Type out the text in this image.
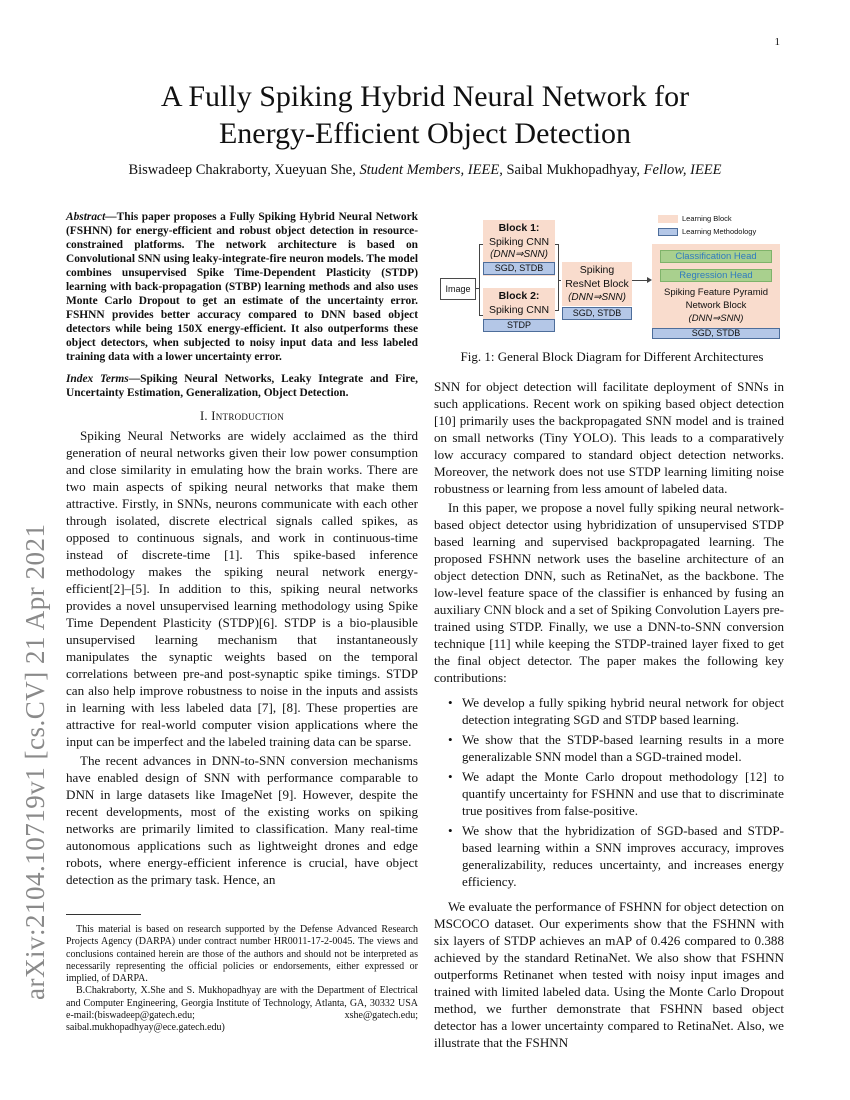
1
arXiv:2104.10719v1 [cs.CV] 21 Apr 2021
A Fully Spiking Hybrid Neural Network for
Energy-Efficient Object Detection
Biswadeep Chakraborty, Xueyuan She, Student Members, IEEE, Saibal Mukhopadhyay, Fellow, IEEE

Abstract—This paper proposes a Fully Spiking Hybrid Neural Network (FSHNN) for energy-efficient and robust object detection in resource-constrained platforms. The network architecture is based on Convolutional SNN using leaky-integrate-fire neuron models. The model combines unsupervised Spike Time-Dependent Plasticity (STDP) learning with back-propagation (STBP) learning methods and also uses Monte Carlo Dropout to get an estimate of the uncertainty error. FSHNN provides better accuracy compared to DNN based object detectors while being 150X energy-efficient. It also outperforms these object detectors, when subjected to noisy input data and less labeled training data with a lower uncertainty error.

Index Terms—Spiking Neural Networks, Leaky Integrate and Fire, Uncertainty Estimation, Generalization, Object Detection.

I. Introduction

Spiking Neural Networks are widely acclaimed as the third generation of neural networks given their low power consumption and close similarity in emulating how the brain works. There are two main aspects of spiking neural networks that make them attractive. Firstly, in SNNs, neurons communicate with each other through isolated, discrete electrical signals called spikes, as opposed to continuous signals, and work in continuous-time instead of discrete-time [1]. This spike-based inference methodology makes the spiking neural network energy-efficient[2]–[5]. In addition to this, spiking neural networks provides a novel unsupervised learning methodology using Spike Time Dependent Plasticity (STDP)[6]. STDP is a bio-plausible unsupervised learning mechanism that instantaneously manipulates the synaptic weights based on the temporal correlations between pre-and post-synaptic spike timings. STDP can also help improve robustness to noise in the inputs and assists in learning with less labeled data [7], [8]. These properties are attractive for real-world computer vision applications where the input can be imperfect and the labeled training data can be sparse.

The recent advances in DNN-to-SNN conversion mechanisms have enabled design of SNN with performance comparable to DNN in large datasets like ImageNet [9]. However, despite the recent developments, most of the existing works on spiking networks are primarily limited to classification. Many real-time autonomous applications such as lightweight drones and edge robots, where energy-efficient inference is crucial, have object detection as the primary task. Hence, an

This material is based on research supported by the Defense Advanced Research Projects Agency (DARPA) under contract number HR0011-17-2-0045. The views and conclusions contained herein are those of the authors and should not be interpreted as necessarily representing the official policies or endorsements, either expressed or implied, of DARPA.

B.Chakraborty, X.She and S. Mukhopadhyay are with the Department of Electrical and Computer Engineering, Georgia Institute of Technology, Atlanta, GA, 30332 USA e-mail:(biswadeep@gatech.edu; xshe@gatech.edu; saibal.mukhopadhyay@ece.gatech.edu)

Learning Block
Learning Methodology
Image
Block 1:
Spiking CNN
(DNN⇒SNN)
SGD, STDB
Block 2:
Spiking CNN
STDP
Spiking
ResNet Block
(DNN⇒SNN)
SGD, STDB
Classification Head
Regression Head
Spiking Feature Pyramid
Network Block
(DNN⇒SNN)
SGD, STDB
Fig. 1: General Block Diagram for Different Architectures

SNN for object detection will facilitate deployment of SNNs in such applications. Recent work on spiking based object detection [10] primarily uses the backpropagated SNN model and is trained on small networks (Tiny YOLO). This leads to a comparatively low accuracy compared to standard object detection networks. Moreover, the network does not use STDP learning limiting noise robustness or learning from less amount of labeled data.

In this paper, we propose a novel fully spiking neural network-based object detector using hybridization of unsupervised STDP based learning and supervised backpropagated learning. The proposed FSHNN network uses the baseline architecture of an object detection DNN, such as RetinaNet, as the backbone. The low-level feature space of the classifier is enhanced by fusing an auxiliary CNN block and a set of Spiking Convolution Layers pre-trained using STDP. Finally, we use a DNN-to-SNN conversion technique [11] while keeping the STDP-trained layer fixed to get the final object detector. The paper makes the following key contributions:

• We develop a fully spiking hybrid neural network for object detection integrating SGD and STDP based learning.
• We show that the STDP-based learning results in a more generalizable SNN model than a SGD-trained model.
• We adapt the Monte Carlo dropout methodology [12] to quantify uncertainty for FSHNN and use that to discriminate true positives from false-positive.
• We show that the hybridization of SGD-based and STDP-based learning within a SNN improves accuracy, improves generalizability, reduces uncertainty, and increases energy efficiency.

We evaluate the performance of FSHNN for object detection on MSCOCO dataset. Our experiments show that the FSHNN with six layers of STDP achieves an mAP of 0.426 compared to 0.388 achieved by the standard RetinaNet. We also show that FSHNN outperforms Retinanet when tested with noisy input images and trained with limited labeled data. Using the Monte Carlo Dropout method, we further demonstrate that FSHNN based object detector has a lower uncertainty compared to RetinaNet. Also, we illustrate that the FSHNN
